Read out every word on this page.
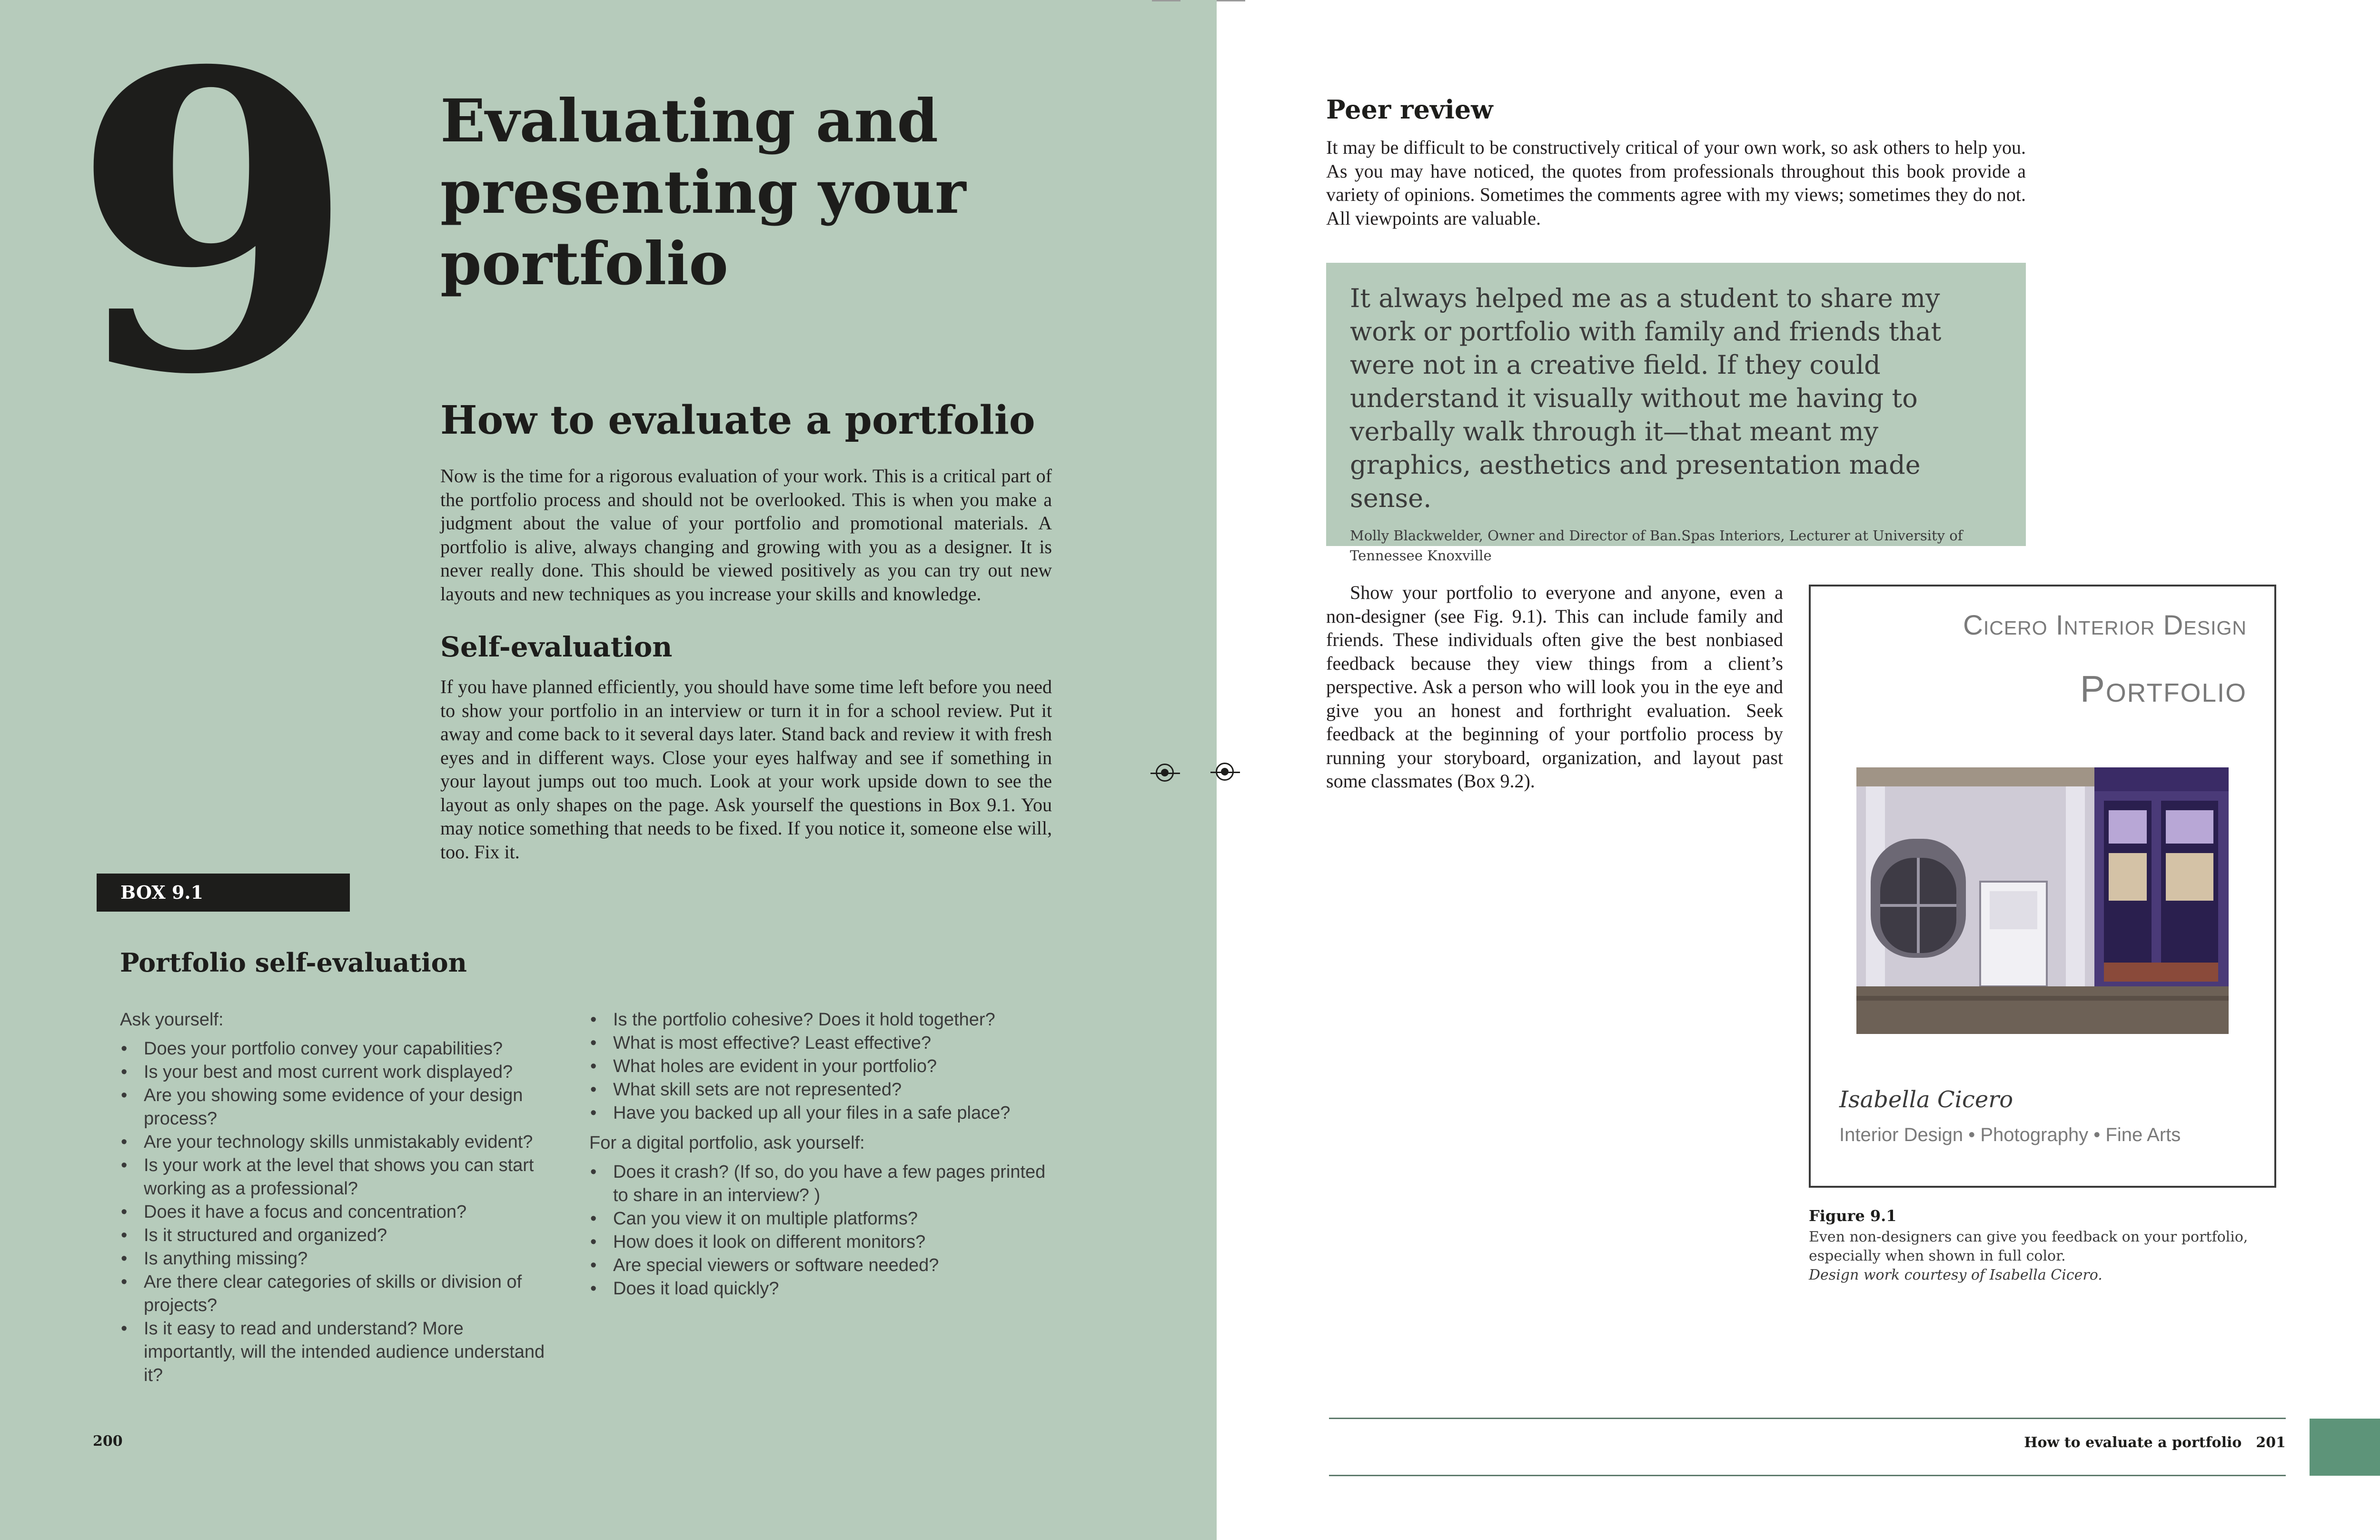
9 Evaluating and presenting your portfolio
How to evaluate a portfolio

Now is the time for a rigorous evaluation of your work. This is a critical part of the portfolio process and should not be overlooked. This is when you make a judgment about the value of your portfolio and promotional materials. A portfolio is alive, always changing and growing with you as a designer. It is never really done. This should be viewed positively as you can try out new layouts and new techniques as you increase your skills and knowledge.

Self-evaluation

If you have planned efficiently, you should have some time left before you need to show your portfolio in an interview or turn it in for a school review. Put it away and come back to it several days later. Stand back and review it with fresh eyes and in different ways. Close your eyes halfway and see if something in your layout jumps out too much. Look at your work upside down to see the layout as only shapes on the page. Ask yourself the questions in Box 9.1. You may notice something that needs to be fixed. If you notice it, someone else will, too. Fix it.

BOX 9.1
Portfolio self-evaluation

Ask yourself:

• Does your portfolio convey your capabilities?
• Is your best and most current work displayed?
• Are you showing some evidence of your design process?
• Are your technology skills unmistakably evident?
• Is your work at the level that shows you can start working as a professional?
• Does it have a focus and concentration?
• Is it structured and organized?
• Is anything missing?
• Are there clear categories of skills or division of projects?
• Is it easy to read and understand? More importantly, will the intended audience understand it?
• Is the portfolio cohesive? Does it hold together?
• What is most effective? Least effective?
• What holes are evident in your portfolio?
• What skill sets are not represented?
• Have you backed up all your files in a safe place?

For a digital portfolio, ask yourself:

• Does it crash? (If so, do you have a few pages printed to share in an interview? )
• Can you view it on multiple platforms?
• How does it look on different monitors?
• Are special viewers or software needed?
• Does it load quickly?
200
Peer review

It may be difficult to be constructively critical of your own work, so ask others to help you. As you may have noticed, the quotes from professionals throughout this book provide a variety of opinions. Sometimes the comments agree with my views; sometimes they do not. All viewpoints are valuable.

It always helped me as a student to share my work or portfolio with family and friends that were not in a creative field. If they could understand it visually without me having to verbally walk through it—that meant my graphics, aesthetics and presentation made sense.

Molly Blackwelder, Owner and Director of Ban.Spas Interiors, Lecturer at University of Tennessee Knoxville

Show your portfolio to everyone and anyone, even a non-designer (see Fig. 9.1). This can include family and friends. These individuals often give the best nonbiased feedback because they view things from a client’s perspective. Ask a person who will look you in the eye and give you an honest and forthright evaluation. Seek feedback at the beginning of your portfolio process by running your storyboard, organization, and layout past some classmates (Box 9.2).

Cicero Interior Design
Portfolio
Isabella Cicero
Interior Design • Photography • Fine Arts

Figure 9.1

Even non-designers can give you feedback on your portfolio, especially when shown in full color.

Design work courtesy of Isabella Cicero.

How to evaluate a portfolio 201
